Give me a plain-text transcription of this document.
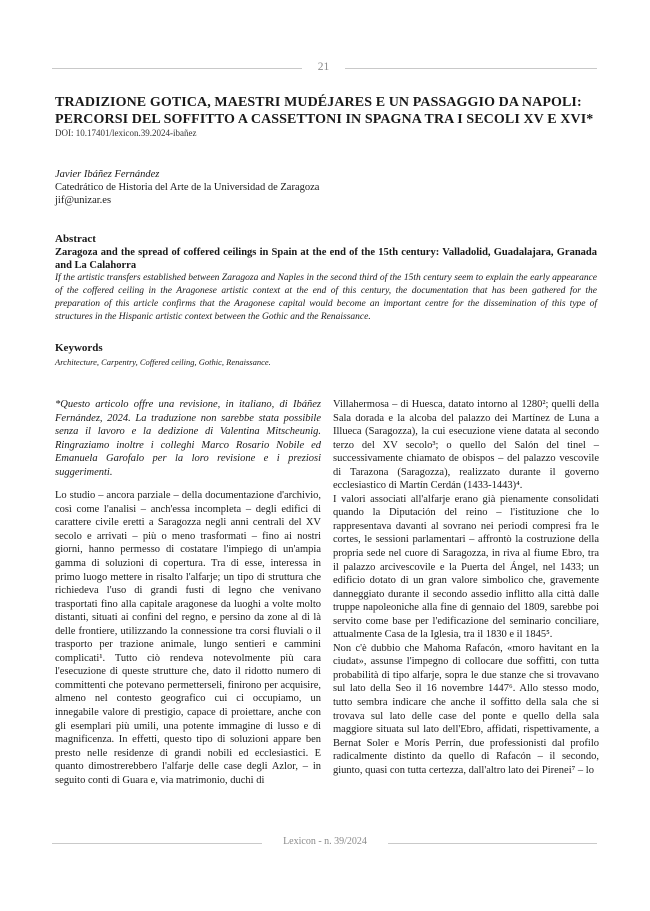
21
TRADIZIONE GOTICA, MAESTRI MUDÉJARES E UN PASSAGGIO DA NAPOLI: PERCORSI DEL SOFFITTO A CASSETTONI IN SPAGNA TRA I SECOLI XV E XVI*
DOI: 10.17401/lexicon.39.2024-ibañez
Javier Ibáñez Fernández
Catedrático de Historia del Arte de la Universidad de Zaragoza
jif@unizar.es
Abstract

Zaragoza and the spread of coffered ceilings in Spain at the end of the 15th century: Valladolid, Guadalajara, Granada and La Calahorra

If the artistic transfers established between Zaragoza and Naples in the second third of the 15th century seem to explain the early appearance of the coffered ceiling in the Aragonese artistic context at the end of this century, the documentation that has been gathered for the preparation of this article confirms that the Aragonese capital would become an important centre for the dissemination of this type of structures in the Hispanic artistic context between the Gothic and the Renaissance.

Keywords

Architecture, Carpentry, Coffered ceiling, Gothic, Renaissance.

*Questo articolo offre una revisione, in italiano, di Ibáñez Fernández, 2024. La traduzione non sarebbe stata possibile senza il lavoro e la dedizione di Valentina Mitscheunig. Ringraziamo inoltre i colleghi Marco Rosario Nobile ed Emanuela Garofalo per la loro revisione e i preziosi suggerimenti.

Lo studio – ancora parziale – della documentazione d'archivio, così come l'analisi – anch'essa incompleta – degli edifici di carattere civile eretti a Saragozza negli anni centrali del XV secolo e arrivati – più o meno trasformati – fino ai nostri giorni, hanno permesso di costatare l'impiego di un'ampia gamma di soluzioni di copertura. Tra di esse, interessa in primo luogo mettere in risalto l'alfarje; un tipo di struttura che richiedeva l'uso di grandi fusti di legno che venivano trasportati fino alla capitale aragonese da luoghi a volte molto distanti, situati ai confini del regno, e persino da zone al di là delle frontiere, utilizzando la connessione tra corsi fluviali o il trasporto per trazione animale, lungo sentieri e cammini complicati¹. Tutto ciò rendeva notevolmente più cara l'esecuzione di queste strutture che, dato il ridotto numero di committenti che potevano permetterseli, finirono per acquisire, almeno nel contesto geografico cui ci occupiamo, un innegabile valore di prestigio, capace di proiettare, anche con gli esemplari più umili, una potente immagine di lusso e di magnificenza. In effetti, questo tipo di soluzioni appare ben presto nelle residenze di grandi nobili ed ecclesiastici. E quanto dimostrerebbero l'alfarje delle case degli Azlor, – in seguito conti di Guara e, via matrimonio, duchi di

Villahermosa – di Huesca, datato intorno al 1280²; quelli della Sala dorada e la alcoba del palazzo dei Martínez de Luna a Illueca (Saragozza), la cui esecuzione viene datata al secondo terzo del XV secolo³; o quello del Salón del tinel – successivamente chiamato de obispos – del palazzo vescovile di Tarazona (Saragozza), realizzato durante il governo ecclesiastico di Martín Cerdán (1433-1443)⁴.

I valori associati all'alfarje erano già pienamente consolidati quando la Diputación del reino – l'istituzione che lo rappresentava davanti al sovrano nei periodi compresi fra le cortes, le sessioni parlamentari – affrontò la costruzione della propria sede nel cuore di Saragozza, in riva al fiume Ebro, tra il palazzo arcivescovile e la Puerta del Ángel, nel 1433; un edificio dotato di un gran valore simbolico che, gravemente danneggiato durante il secondo assedio inflitto alla città dalle truppe napoleoniche alla fine di gennaio del 1809, sarebbe poi servito come base per l'edificazione del seminario conciliare, attualmente Casa de la Iglesia, tra il 1830 e il 1845⁵.

Non c'è dubbio che Mahoma Rafacón, «moro havitant en la ciudat», assunse l'impegno di collocare due soffitti, con tutta probabilità di tipo alfarje, sopra le due stanze che si trovavano sul lato della Seo il 16 novembre 1447⁶. Allo stesso modo, tutto sembra indicare che anche il soffitto della sala che si trovava sul lato delle case del ponte e quello della sala maggiore situata sul lato dell'Ebro, affidati, rispettivamente, a Bernat Soler e Morís Perrín, due professionisti dal profilo radicalmente distinto da quello di Rafacón – il secondo, giunto, quasi con tutta certezza, dall'altro lato dei Pirenei⁷ – lo

Lexicon - n. 39/2024
